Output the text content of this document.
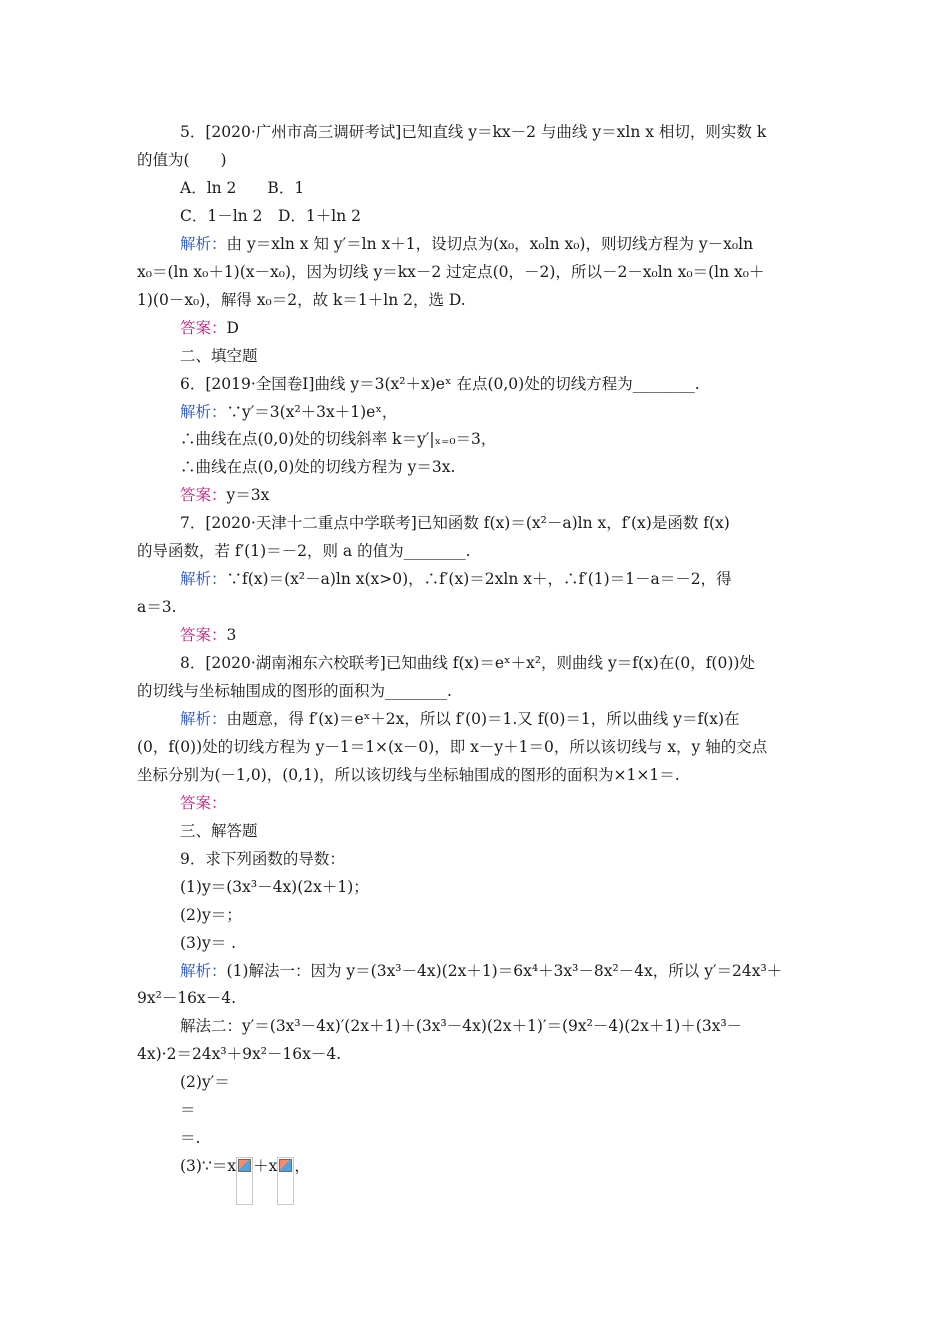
5．[2020·广州市高三调研考试]已知直线 y＝kx－2 与曲线 y＝xln x 相切，则实数 k
的值为(　　)
A．ln 2　　B．1
C．1－ln 2　D．1＋ln 2
解析：由 y＝xln x 知 y′＝ln x＋1，设切点为(x₀，x₀ln x₀)，则切线方程为 y－x₀ln
x₀＝(ln x₀＋1)(x－x₀)，因为切线 y＝kx－2 过定点(0，－2)，所以－2－x₀ln x₀＝(ln x₀＋
1)(0－x₀)，解得 x₀＝2，故 k＝1＋ln 2，选 D.
答案：D
二、填空题
6．[2019·全国卷Ⅰ]曲线 y＝3(x²＋x)eˣ 在点(0,0)处的切线方程为________.
解析：∵y′＝3(x²＋3x＋1)eˣ，
∴曲线在点(0,0)处的切线斜率 k＝y′|ₓ₌₀＝3，
∴曲线在点(0,0)处的切线方程为 y＝3x.
答案：y＝3x
7．[2020·天津十二重点中学联考]已知函数 f(x)＝(x²－a)ln x，f′(x)是函数 f(x)
的导函数，若 f′(1)＝－2，则 a 的值为________.
解析：∵f(x)＝(x²－a)ln x(x>0)，∴f′(x)＝2xln x＋，∴f′(1)＝1－a＝－2，得
a＝3.
答案：3
8．[2020·湖南湘东六校联考]已知曲线 f(x)＝eˣ＋x²，则曲线 y＝f(x)在(0，f(0))处
的切线与坐标轴围成的图形的面积为________.
解析：由题意，得 f′(x)＝eˣ＋2x，所以 f′(0)＝1.又 f(0)＝1，所以曲线 y＝f(x)在
(0，f(0))处的切线方程为 y－1＝1×(x－0)，即 x－y＋1＝0，所以该切线与 x，y 轴的交点
坐标分别为(－1,0)，(0,1)，所以该切线与坐标轴围成的图形的面积为×1×1＝.
答案：
三、解答题
9．求下列函数的导数：
(1)y＝(3x³－4x)(2x＋1)；
(2)y＝；
(3)y＝ .
解析：(1)解法一：因为 y＝(3x³－4x)(2x＋1)＝6x⁴＋3x³－8x²－4x，所以 y′＝24x³＋
9x²－16x－4.
解法二：y′＝(3x³－4x)′(2x＋1)＋(3x³－4x)(2x＋1)′＝(9x²－4)(2x＋1)＋(3x³－
4x)·2＝24x³＋9x²－16x－4.
(2)y′＝
＝
＝.
(3)∵＝x ＋x ，
